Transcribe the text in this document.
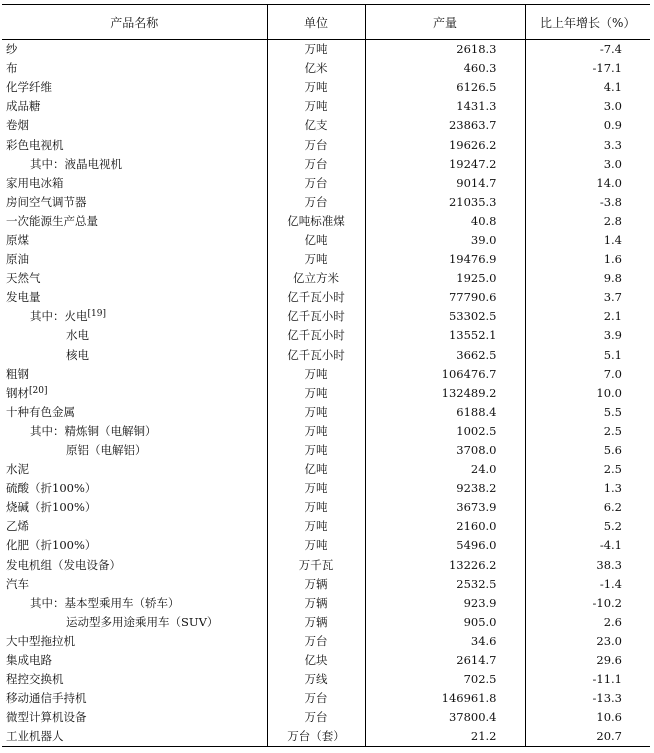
产品名称	单位	产量	比上年增长（%）
纱	万吨	2618.3	-7.4
布	亿米	460.3	-17.1
化学纤维	万吨	6126.5	4.1
成品糖	万吨	1431.3	3.0
卷烟	亿支	23863.7	0.9
彩色电视机	万台	19626.2	3.3
其中：液晶电视机	万台	19247.2	3.0
家用电冰箱	万台	9014.7	14.0
房间空气调节器	万台	21035.3	-3.8
一次能源生产总量	亿吨标准煤	40.8	2.8
原煤	亿吨	39.0	1.4
原油	万吨	19476.9	1.6
天然气	亿立方米	1925.0	9.8
发电量	亿千瓦小时	77790.6	3.7
其中：火电[19]	亿千瓦小时	53302.5	2.1
水电	亿千瓦小时	13552.1	3.9
核电	亿千瓦小时	3662.5	5.1
粗钢	万吨	106476.7	7.0
钢材[20]	万吨	132489.2	10.0
十种有色金属	万吨	6188.4	5.5
其中：精炼铜（电解铜）	万吨	1002.5	2.5
原铝（电解铝）	万吨	3708.0	5.6
水泥	亿吨	24.0	2.5
硫酸（折100%）	万吨	9238.2	1.3
烧碱（折100%）	万吨	3673.9	6.2
乙烯	万吨	2160.0	5.2
化肥（折100%）	万吨	5496.0	-4.1
发电机组（发电设备）	万千瓦	13226.2	38.3
汽车	万辆	2532.5	-1.4
其中：基本型乘用车（轿车）	万辆	923.9	-10.2
运动型多用途乘用车（SUV）	万辆	905.0	2.6
大中型拖拉机	万台	34.6	23.0
集成电路	亿块	2614.7	29.6
程控交换机	万线	702.5	-11.1
移动通信手持机	万台	146961.8	-13.3
微型计算机设备	万台	37800.4	10.6
工业机器人	万台（套）	21.2	20.7
